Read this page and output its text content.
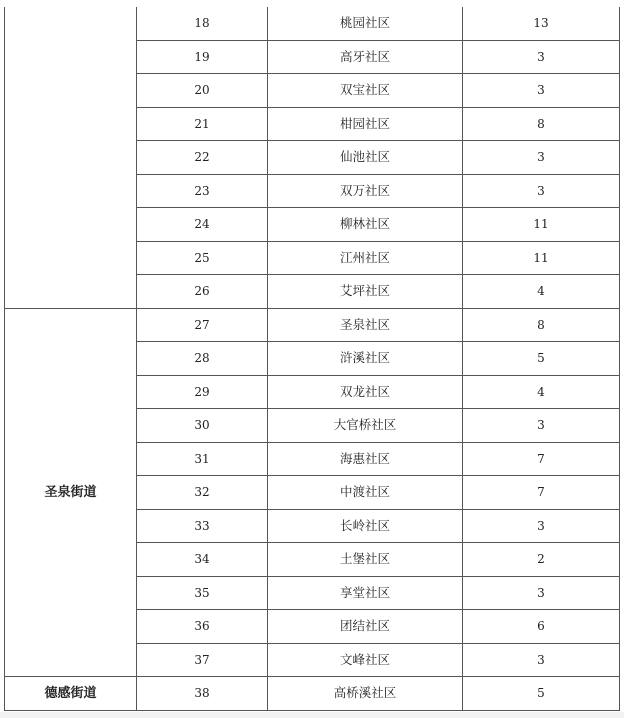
	18	桃园社区	13
	19	高牙社区	3
	20	双宝社区	3
	21	柑园社区	8
	22	仙池社区	3
	23	双万社区	3
	24	柳林社区	11
	25	江州社区	11
	26	艾坪社区	4
圣泉街道	27	圣泉社区	8
	28	浒溪社区	5
	29	双龙社区	4
	30	大官桥社区	3
	31	海惠社区	7
	32	中渡社区	7
	33	长岭社区	3
	34	土堡社区	2
	35	享堂社区	3
	36	团结社区	6
	37	文峰社区	3
德感街道	38	高桥溪社区	5
